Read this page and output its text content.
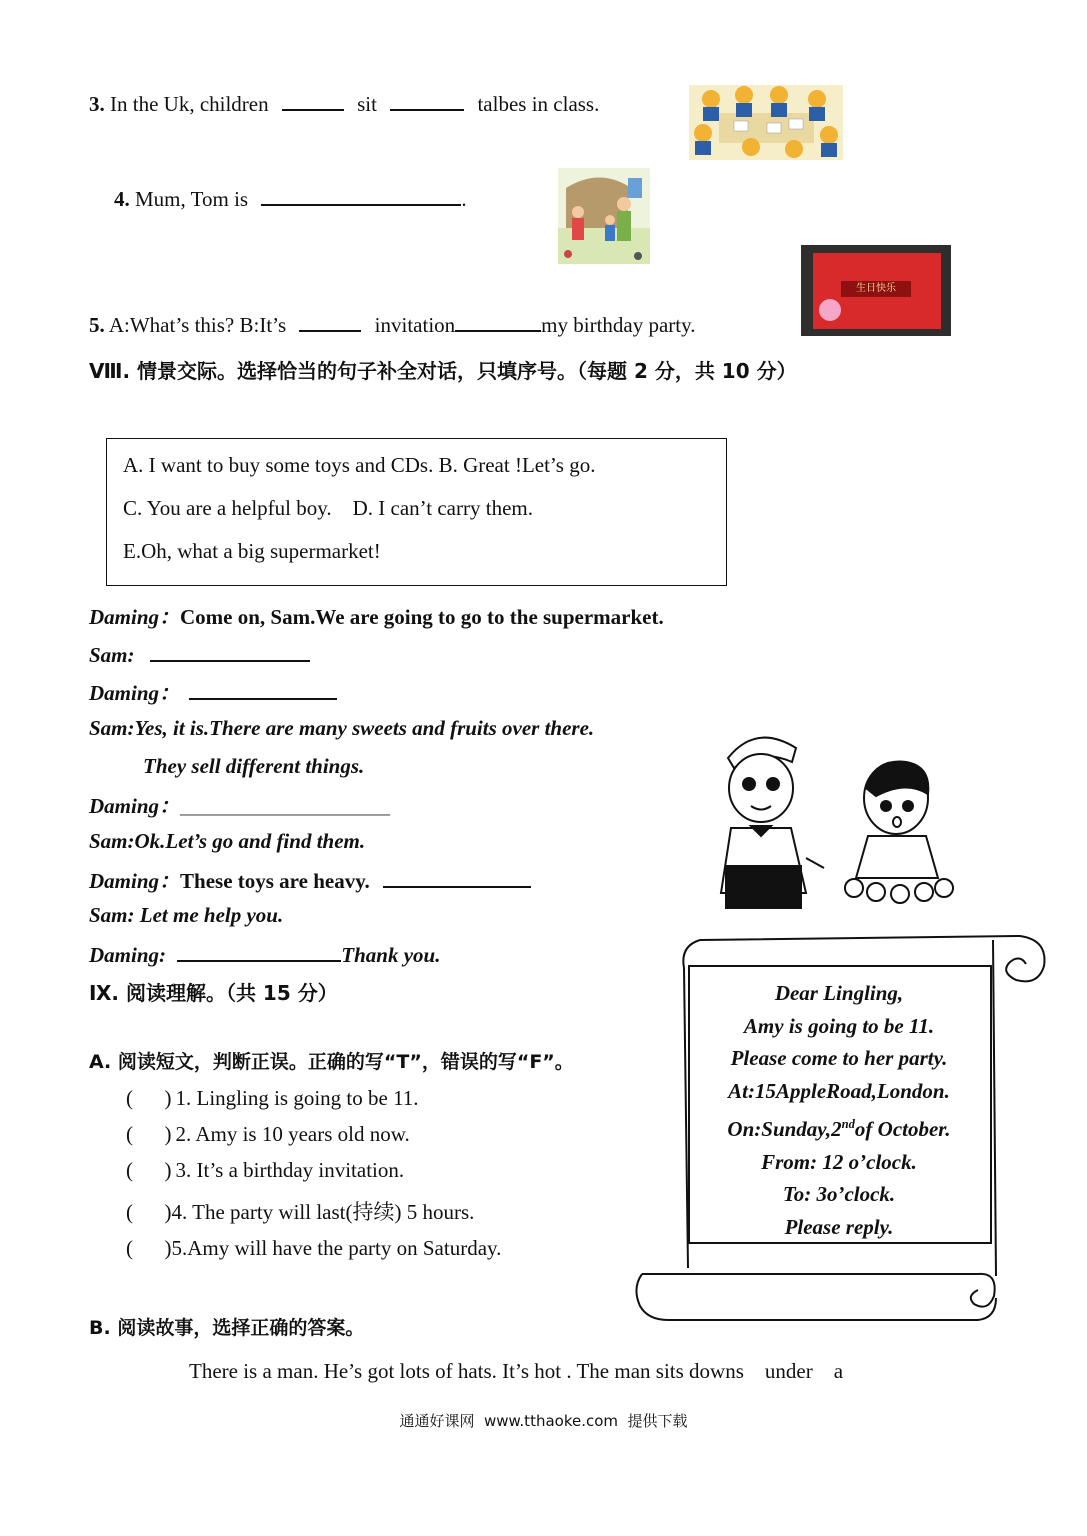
3. In the Uk, children	sit	talbes in class.
4. Mum, Tom is	.
生日快乐
5. A:What’s this? B:It’s	invitation	my birthday party.
Ⅷ. 情景交际。选择恰当的句子补全对话，只填序号。（每题 2 分，共 10 分）
A. I want to buy some toys and CDs. B. Great !Let’s go.
C. You are a helpful boy.    D. I can’t carry them.
E.Oh, what a big supermarket!
Daming：Come on, Sam.We are going to go to the supermarket.
Sam:
Daming：
Sam:Yes, it is.There are many sweets and fruits over there.
They sell different things.
Daming：____________________
Sam:Ok.Let’s go and find them.
Daming：These toys are heavy.
Sam: Let me help you.
Daming:	Thank you.
Ⅸ. 阅读理解。（共 15 分）
A. 阅读短文，判断正误。正确的写“T”，错误的写“F”。
(      ) 1. Lingling is going to be 11.
(      ) 2. Amy is 10 years old now.
(      ) 3. It’s a birthday invitation.
(      )4. The party will last(持续) 5 hours.
(      )5.Amy will have the party on Saturday.
Dear Lingling,
Amy is going to be 11.
Please come to her party.
At:15AppleRoad,London.
On:Sunday,2ndof October.
From: 12 o’clock.
To: 3o’clock.
Please reply.
B. 阅读故事，选择正确的答案。
There is a man. He’s got lots of hats. It’s hot . The man sits downs    under    a
通通好课网  www.tthaoke.com  提供下载
